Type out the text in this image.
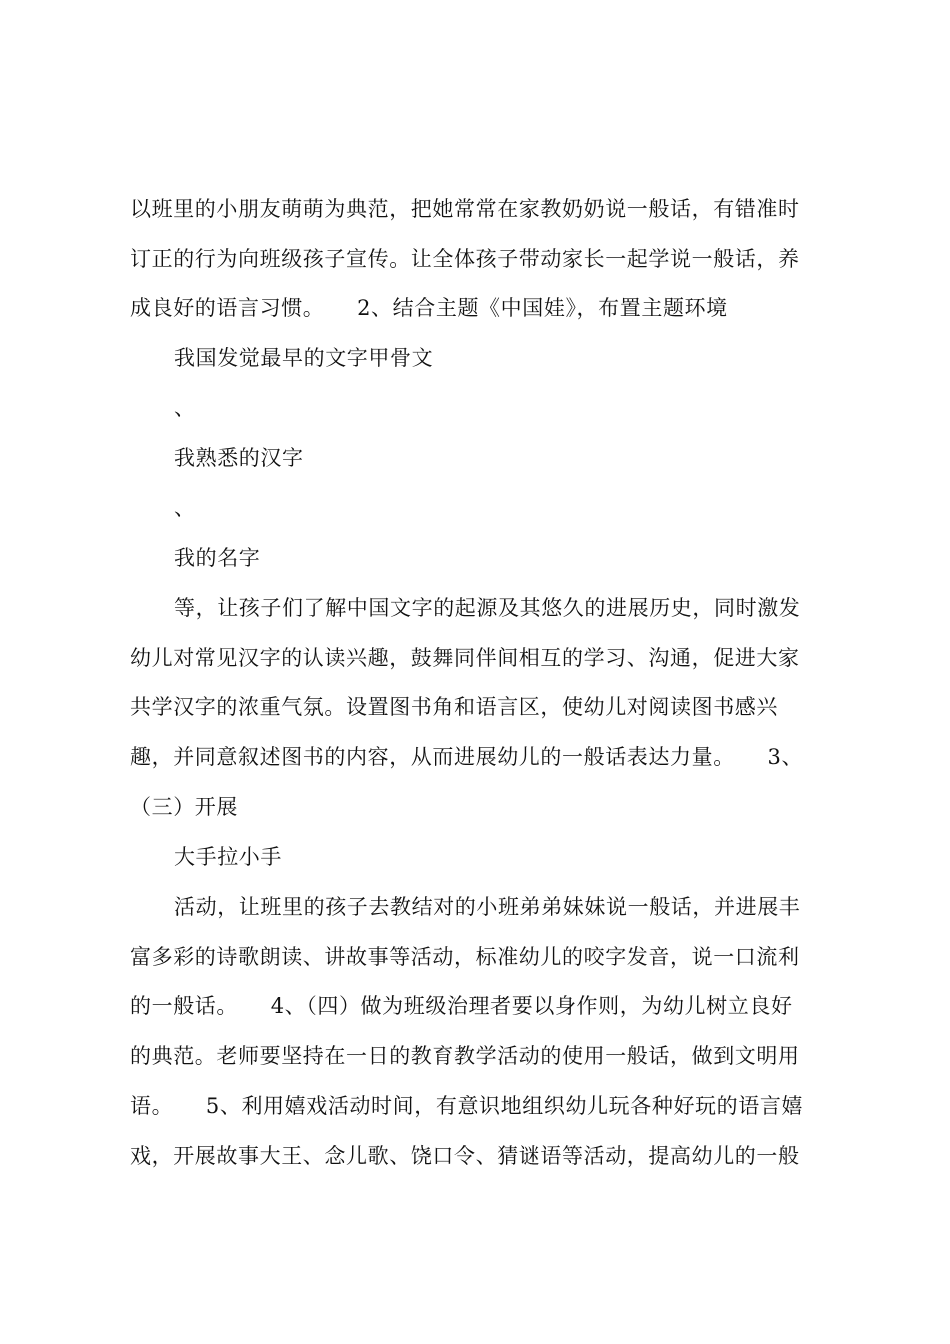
以班里的小朋友萌萌为典范，把她常常在家教奶奶说一般话，有错准时
订正的行为向班级孩子宣传。让全体孩子带动家长一起学说一般话，养
成良好的语言习惯。　　2、结合主题《中国娃》，布置主题环境
我国发觉最早的文字甲骨文
、
我熟悉的汉字
、
我的名字
等，让孩子们了解中国文字的起源及其悠久的进展历史，同时激发
幼儿对常见汉字的认读兴趣，鼓舞同伴间相互的学习、沟通，促进大家
共学汉字的浓重气氛。设置图书角和语言区，使幼儿对阅读图书感兴
趣，并同意叙述图书的内容，从而进展幼儿的一般话表达力量。　　3、
（三）开展
大手拉小手
活动，让班里的孩子去教结对的小班弟弟妹妹说一般话，并进展丰
富多彩的诗歌朗读、讲故事等活动，标准幼儿的咬字发音，说一口流利
的一般话。　　4、（四）做为班级治理者要以身作则，为幼儿树立良好
的典范。老师要坚持在一日的教育教学活动的使用一般话，做到文明用
语。　　5、利用嬉戏活动时间，有意识地组织幼儿玩各种好玩的语言嬉
戏，开展故事大王、念儿歌、饶口令、猜谜语等活动，提高幼儿的一般
